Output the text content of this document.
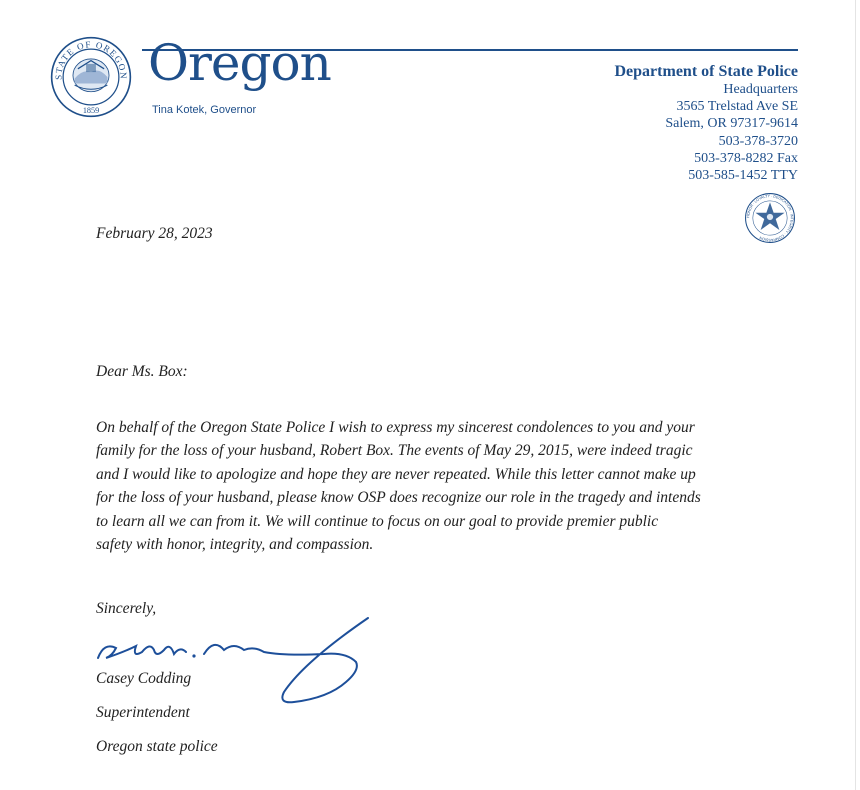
STATE OF OREGON
1859
Oregon
Tina Kotek, Governor
Department of State Police
Headquarters
3565 Trelstad Ave SE
Salem, OR 97317-9614
503-378-3720
503-378-8282 Fax
503-585-1452 TTY
HONOR · LOYALTY · DEDICATION · INTEGRITY · COMPASSION
February 28, 2023
Dear Ms. Box:

On behalf of the Oregon State Police I wish to express my sincerest condolences to you and your
family for the loss of your husband, Robert Box. The events of May 29, 2015, were indeed tragic
and I would like to apologize and hope they are never repeated. While this letter cannot make up
for the loss of your husband, please know OSP does recognize our role in the tragedy and intends
to learn all we can from it. We will continue to focus on our goal to provide premier public
safety with honor, integrity, and compassion.

Sincerely,
Casey Codding
Superintendent
Oregon state police
